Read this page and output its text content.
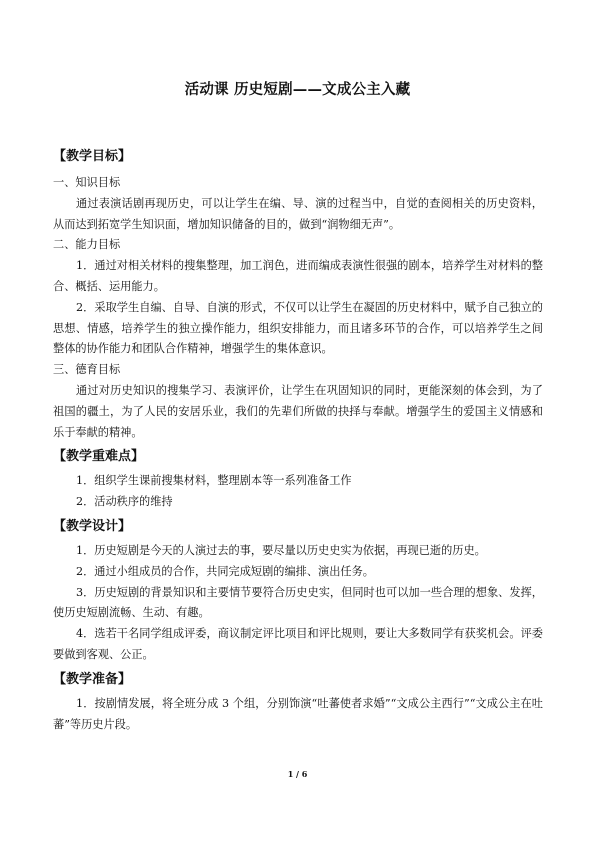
活动课 历史短剧——文成公主入藏
【教学目标】

一、知识目标

通过表演话剧再现历史，可以让学生在编、导、演的过程当中，自觉的查阅相关的历史资料，从而达到拓宽学生知识面，增加知识储备的目的，做到“润物细无声”。

二、能力目标

1．通过对相关材料的搜集整理，加工润色，进而编成表演性很强的剧本，培养学生对材料的整合、概括、运用能力。

2．采取学生自编、自导、自演的形式，不仅可以让学生在凝固的历史材料中，赋予自己独立的思想、情感，培养学生的独立操作能力，组织安排能力，而且诸多环节的合作，可以培养学生之间整体的协作能力和团队合作精神，增强学生的集体意识。

三、德育目标

通过对历史知识的搜集学习、表演评价，让学生在巩固知识的同时，更能深刻的体会到，为了祖国的疆土，为了人民的安居乐业，我们的先辈们所做的抉择与奉献。增强学生的爱国主义情感和乐于奉献的精神。

【教学重难点】

1．组织学生课前搜集材料，整理剧本等一系列准备工作

2．活动秩序的维持

【教学设计】

1．历史短剧是今天的人演过去的事，要尽量以历史史实为依据，再现已逝的历史。

2．通过小组成员的合作，共同完成短剧的编排、演出任务。

3．历史短剧的背景知识和主要情节要符合历史史实，但同时也可以加一些合理的想象、发挥，使历史短剧流畅、生动、有趣。

4．选若干名同学组成评委，商议制定评比项目和评比规则，要让大多数同学有获奖机会。评委要做到客观、公正。

【教学准备】

1．按剧情发展，将全班分成 3 个组，分别饰演“吐蕃使者求婚”“文成公主西行”“文成公主在吐蕃”等历史片段。

1 / 6
